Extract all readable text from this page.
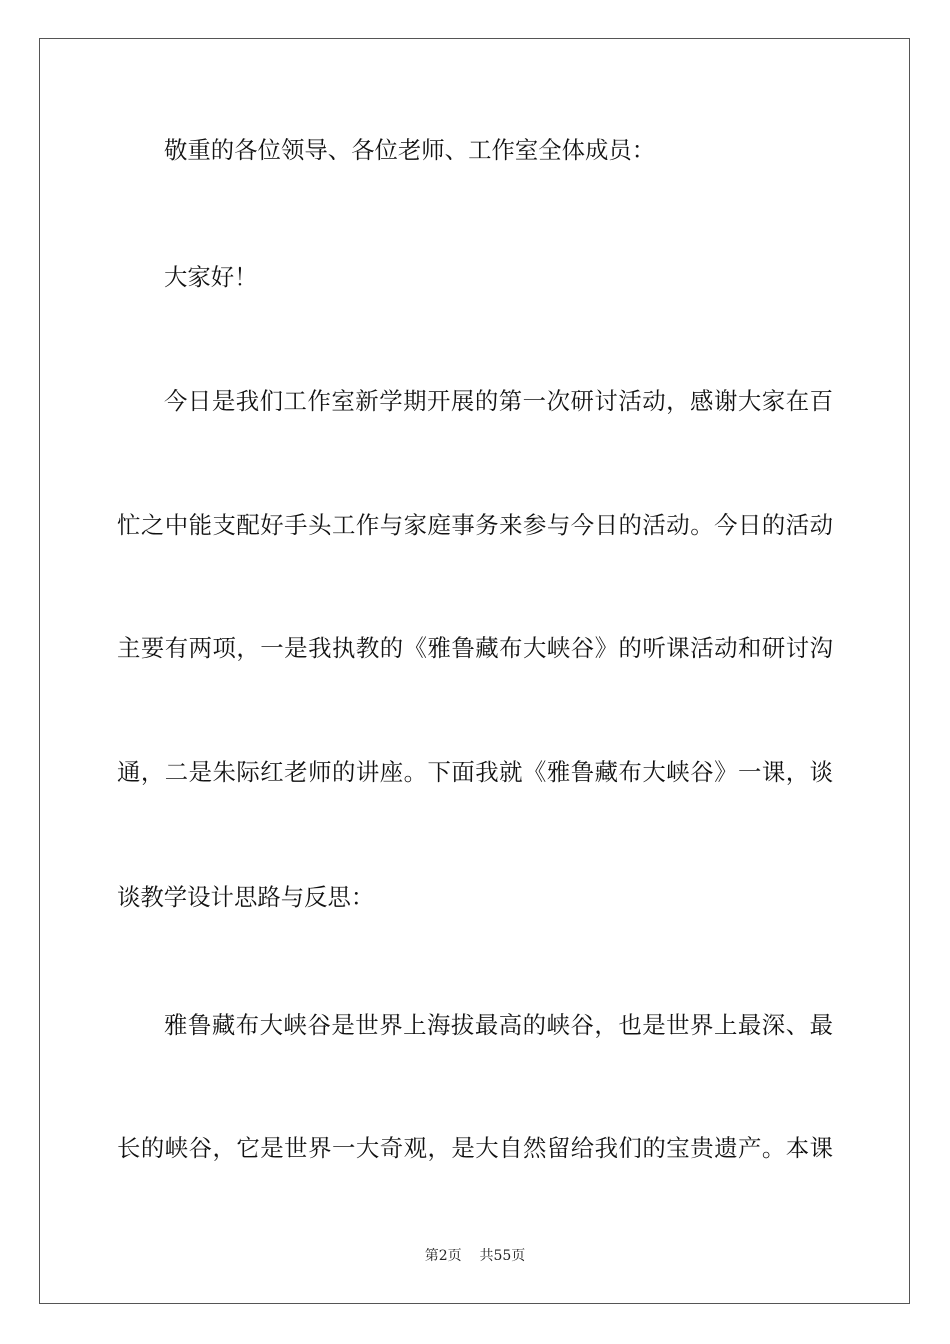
敬重的各位领导、各位老师、工作室全体成员：
大家好！
今日是我们工作室新学期开展的第一次研讨活动，感谢大家在百
忙之中能支配好手头工作与家庭事务来参与今日的活动。今日的活动
主要有两项，一是我执教的《雅鲁藏布大峡谷》的听课活动和研讨沟
通，二是朱际红老师的讲座。下面我就《雅鲁藏布大峡谷》一课，谈
谈教学设计思路与反思：
雅鲁藏布大峡谷是世界上海拔最高的峡谷，也是世界上最深、最
长的峡谷，它是世界一大奇观，是大自然留给我们的宝贵遗产。本课
第2页 共55页
